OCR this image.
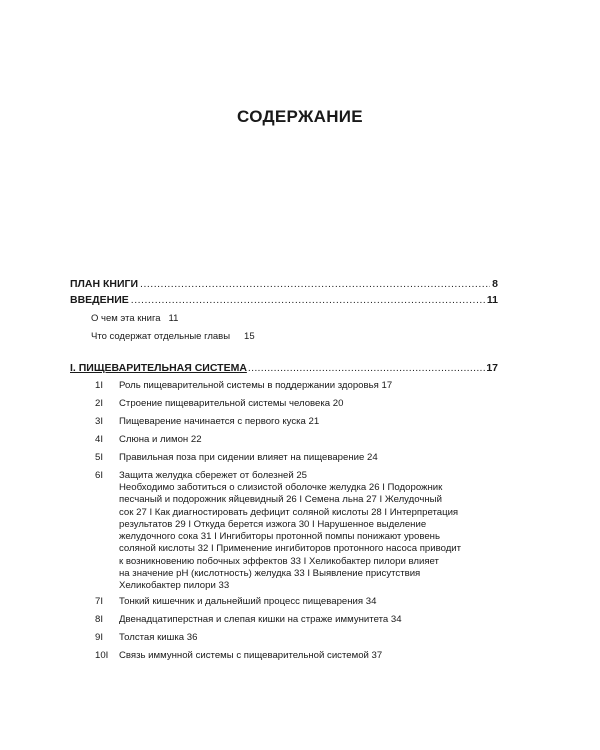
СОДЕРЖАНИЕ
ПЛАН КНИГИ .....	8
ВВЕДЕНИЕ .....	11
О чем эта книга 11
Что содержат отдельные главы 15
I. ПИЩЕВАРИТЕЛЬНАЯ СИСТЕМА .....	17
1I Роль пищеварительной системы в поддержании здоровья 17
2I Строение пищеварительной системы человека 20
3I Пищеварение начинается с первого куска 21
4I Слюна и лимон 22
5I Правильная поза при сидении влияет на пищеварение 24
6I Защита желудка сбережет от болезней 25
Необходимо заботиться о слизистой оболочке желудка 26 I Подорожник
песчаный и подорожник яйцевидный 26 I Семена льна 27 I Желудочный
сок 27 I Как диагностировать дефицит соляной кислоты 28 I Интерпретация
результатов 29 I Откуда берется изжога 30 I Нарушенное выделение
желудочного сока 31 I Ингибиторы протонной помпы понижают уровень
соляной кислоты 32 I Применение ингибиторов протонного насоса приводит
к возникновению побочных эффектов 33 I Хеликобактер пилори влияет
на значение pH (кислотность) желудка 33 I Выявление присутствия
Хеликобактер пилори 33
7I Тонкий кишечник и дальнейший процесс пищеварения 34
8I Двенадцатиперстная и слепая кишки на страже иммунитета 34
9I Толстая кишка 36
10I Связь иммунной системы с пищеварительной системой 37
